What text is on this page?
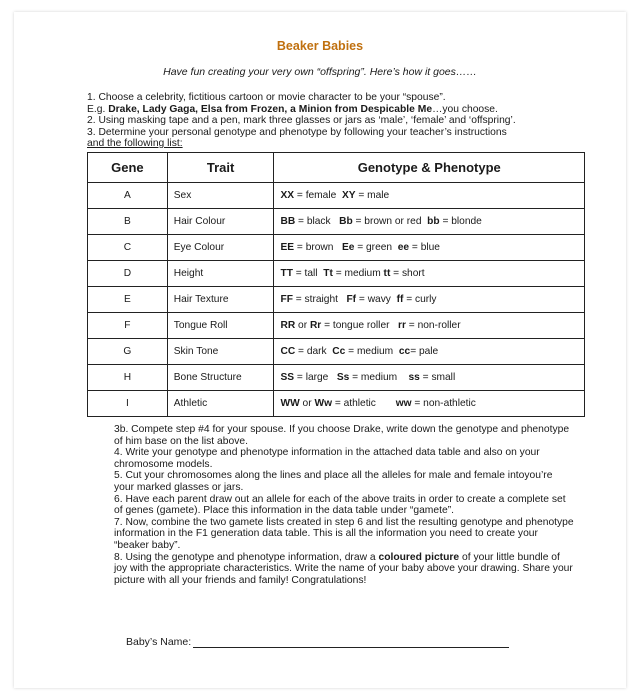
Beaker Babies
Have fun creating your very own “offspring”. Here’s how it goes……
1. Choose a celebrity, fictitious cartoon or movie character to be your “spouse”.
E.g. Drake, Lady Gaga, Elsa from Frozen, a Minion from Despicable Me…you choose.
2. Using masking tape and a pen, mark three glasses or jars as ‘male’, ‘female’ and ‘offspring’.
3. Determine your personal genotype and phenotype by following your teacher’s instructions
and the following list:
Gene	Trait	Genotype & Phenotype
A	Sex	XX = female  XY = male
B	Hair Colour	BB = black   Bb = brown or red  bb = blonde
C	Eye Colour	EE = brown   Ee = green  ee = blue
D	Height	TT = tall  Tt = medium tt = short
E	Hair Texture	FF = straight   Ff = wavy  ff = curly
F	Tongue Roll	RR or Rr = tongue roller   rr = non-roller
G	Skin Tone	CC = dark  Cc = medium  cc= pale
H	Bone Structure	SS = large   Ss = medium    ss = small
I	Athletic	WW or Ww = athletic       ww = non-athletic

3b. Compete step #4 for your spouse. If you choose Drake, write down the genotype and phenotype of him base on the list above.

4. Write your genotype and phenotype information in the attached data table and also on your chromosome models.

5. Cut your chromosomes along the lines and place all the alleles for male and female intoyou’re your marked glasses or jars.

6. Have each parent draw out an allele for each of the above traits in order to create a complete set of genes (gamete). Place this information in the data table under “gamete”.

7. Now, combine the two gamete lists created in step 6 and list the resulting genotype and phenotype information in the F1 generation data table. This is all the information you need to create your “beaker baby”.

8. Using the genotype and phenotype information, draw a coloured picture of your little bundle of joy with the appropriate characteristics. Write the name of your baby above your drawing. Share your picture with all your friends and family! Congratulations!

Baby’s Name:
